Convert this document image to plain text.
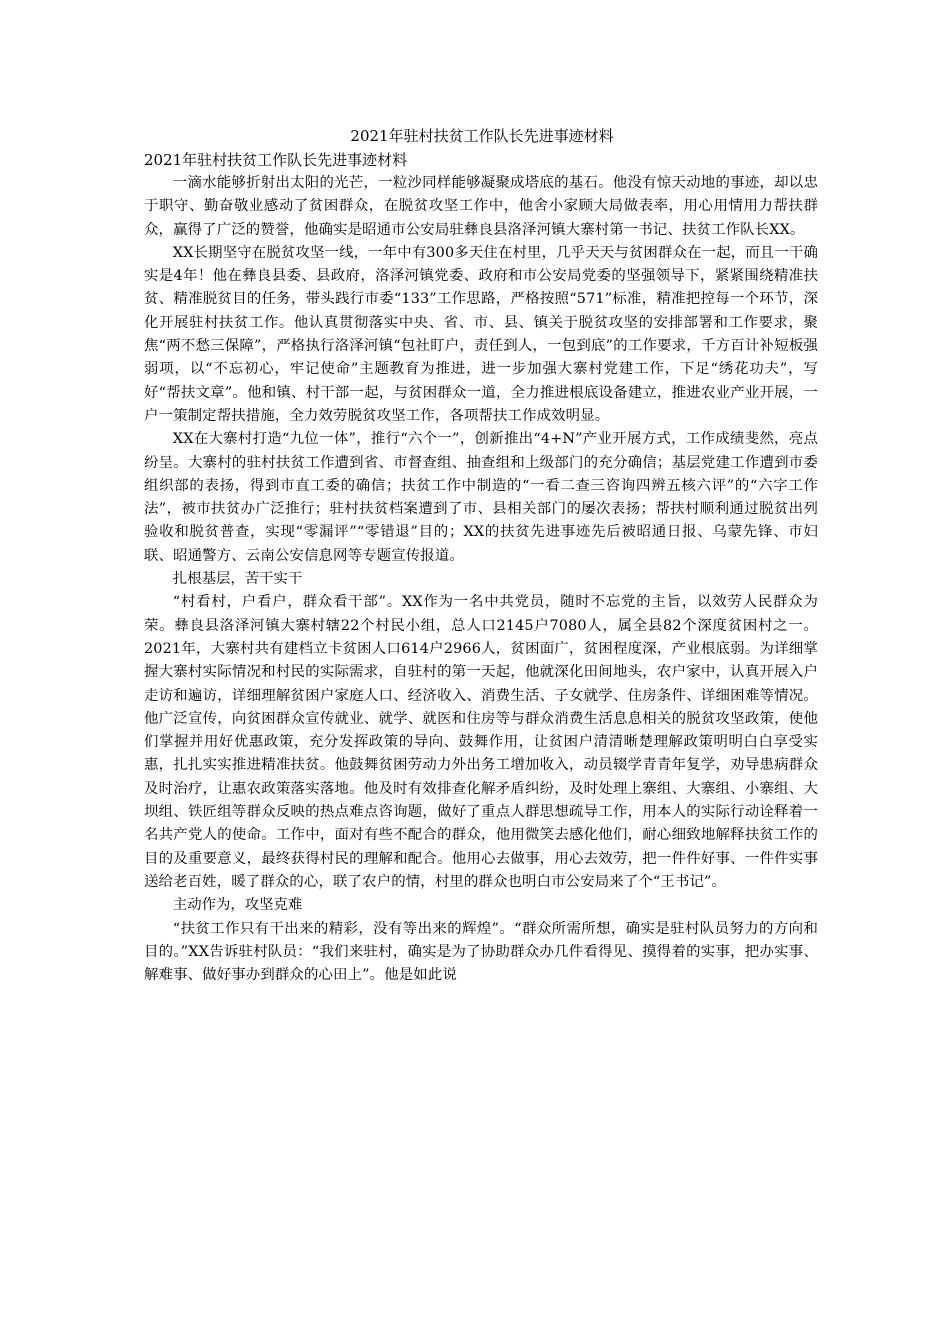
2021年驻村扶贫工作队长先进事迹材料
2021年驻村扶贫工作队长先进事迹材料

一滴水能够折射出太阳的光芒，一粒沙同样能够凝聚成塔底的基石。他没有惊天动地的事迹，却以忠于职守、勤奋敬业感动了贫困群众，在脱贫攻坚工作中，他舍小家顾大局做表率，用心用情用力帮扶群众，赢得了广泛的赞誉，他确实是昭通市公安局驻彝良县洛泽河镇大寨村第一书记、扶贫工作队长XX。

XX长期坚守在脱贫攻坚一线，一年中有300多天住在村里，几乎天天与贫困群众在一起，而且一干确实是4年！他在彝良县委、县政府，洛泽河镇党委、政府和市公安局党委的坚强领导下，紧紧围绕精准扶贫、精准脱贫目的任务，带头践行市委“133”工作思路，严格按照“571”标准，精准把控每一个环节，深化开展驻村扶贫工作。他认真贯彻落实中央、省、市、县、镇关于脱贫攻坚的安排部署和工作要求，聚焦“两不愁三保障”，严格执行洛泽河镇“包社盯户，责任到人，一包到底”的工作要求，千方百计补短板强弱项，以“不忘初心，牢记使命”主题教育为推进，进一步加强大寨村党建工作，下足“绣花功夫”，写好“帮扶文章”。他和镇、村干部一起，与贫困群众一道，全力推进根底设备建立，推进农业产业开展，一户一策制定帮扶措施，全力效劳脱贫攻坚工作，各项帮扶工作成效明显。

XX在大寨村打造“九位一体”，推行“六个一”，创新推出“4+N”产业开展方式，工作成绩斐然，亮点纷呈。大寨村的驻村扶贫工作遭到省、市督查组、抽查组和上级部门的充分确信；基层党建工作遭到市委组织部的表扬，得到市直工委的确信；扶贫工作中制造的“一看二查三咨询四辨五核六评”的“六字工作法”，被市扶贫办广泛推行；驻村扶贫档案遭到了市、县相关部门的屡次表扬；帮扶村顺利通过脱贫出列验收和脱贫普查，实现“零漏评”“零错退”目的；XX的扶贫先进事迹先后被昭通日报、乌蒙先锋、市妇联、昭通警方、云南公安信息网等专题宣传报道。

扎根基层，苦干实干

“村看村，户看户，群众看干部”。XX作为一名中共党员，随时不忘党的主旨，以效劳人民群众为荣。彝良县洛泽河镇大寨村辖22个村民小组，总人口2145户7080人，属全县82个深度贫困村之一。2021年，大寨村共有建档立卡贫困人口614户2966人，贫困面广，贫困程度深，产业根底弱。为详细掌握大寨村实际情况和村民的实际需求，自驻村的第一天起，他就深化田间地头，农户家中，认真开展入户走访和遍访，详细理解贫困户家庭人口、经济收入、消费生活、子女就学、住房条件、详细困难等情况。他广泛宣传，向贫困群众宣传就业、就学、就医和住房等与群众消费生活息息相关的脱贫攻坚政策，使他们掌握并用好优惠政策，充分发挥政策的导向、鼓舞作用，让贫困户清清晰楚理解政策明明白白享受实惠，扎扎实实推进精准扶贫。他鼓舞贫困劳动力外出务工增加收入，动员辍学青青年复学，劝导患病群众及时治疗，让惠农政策落实落地。他及时有效排查化解矛盾纠纷，及时处理上寨组、大寨组、小寨组、大坝组、铁匠组等群众反映的热点难点咨询题，做好了重点人群思想疏导工作，用本人的实际行动诠释着一名共产党人的使命。工作中，面对有些不配合的群众，他用微笑去感化他们，耐心细致地解释扶贫工作的目的及重要意义，最终获得村民的理解和配合。他用心去做事，用心去效劳，把一件件好事、一件件实事送给老百姓，暖了群众的心，联了农户的情，村里的群众也明白市公安局来了个“王书记”。

主动作为，攻坚克难

“扶贫工作只有干出来的精彩，没有等出来的辉煌”。“群众所需所想，确实是驻村队员努力的方向和目的。”XX告诉驻村队员：“我们来驻村，确实是为了协助群众办几件看得见、摸得着的实事，把办实事、解难事、做好事办到群众的心田上”。他是如此说
